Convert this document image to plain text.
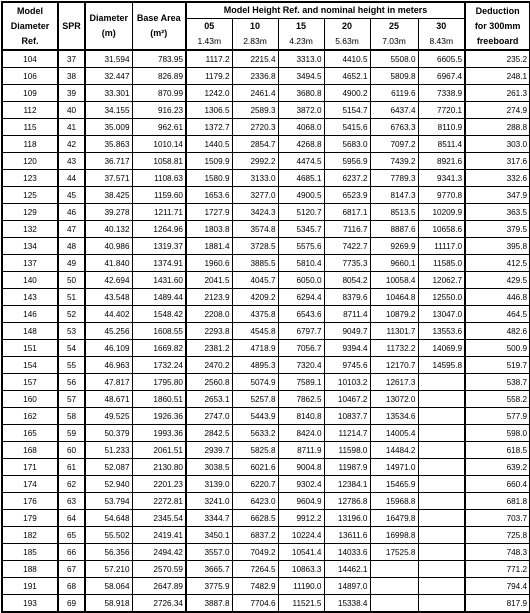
Model
Diameter
Ref.	SPR	Diameter
(m)	Base Area
(m²)	Model Height Ref. and nominal height in meters						Deduction
for 300mm
freeboard

				05	10	15	20	25	30	
				1.43m	2.83m	4.23m	5.63m	7.03m	8.43m	
104	37	31.594	783.95	1117.2	2215.4	3313.0	4410.5	5508.0	6605.5	235.2
106	38	32.447	826.89	1179.2	2336.8	3494.5	4652.1	5809.8	6967.4	248.1
109	39	33.301	870.99	1242.0	2461.4	3680.8	4900.2	6119.6	7338.9	261.3
112	40	34.155	916.23	1306.5	2589.3	3872.0	5154.7	6437.4	7720.1	274.9
115	41	35.009	962.61	1372.7	2720.3	4068.0	5415.6	6763.3	8110.9	288.8
118	42	35.863	1010.14	1440.5	2854.7	4268.8	5683.0	7097.2	8511.4	303.0
120	43	36.717	1058.81	1509.9	2992.2	4474.5	5956.9	7439.2	8921.6	317.6
123	44	37.571	1108.63	1580.9	3133.0	4685.1	6237.2	7789.3	9341.3	332.6
125	45	38.425	1159.60	1653.6	3277.0	4900.5	6523.9	8147.3	9770.8	347.9
129	46	39.278	1211.71	1727.9	3424.3	5120.7	6817.1	8513.5	10209.9	363.5
132	47	40.132	1264.96	1803.8	3574.8	5345.7	7116.7	8887.6	10658.6	379.5
134	48	40.986	1319.37	1881.4	3728.5	5575.6	7422.7	9269.9	11117.0	395.8
137	49	41.840	1374.91	1960.6	3885.5	5810.4	7735.3	9660.1	11585.0	412.5
140	50	42.694	1431.60	2041.5	4045.7	6050.0	8054.2	10058.4	12062.7	429.5
143	51	43.548	1489.44	2123.9	4209.2	6294.4	8379.6	10464.8	12550.0	446.8
146	52	44.402	1548.42	2208.0	4375.8	6543.6	8711.4	10879.2	13047.0	464.5
148	53	45.256	1608.55	2293.8	4545.8	6797.7	9049.7	11301.7	13553.6	482.6
151	54	46.109	1669.82	2381.2	4718.9	7056.7	9394.4	11732.2	14069.9	500.9
154	55	46.963	1732.24	2470.2	4895.3	7320.4	9745.6	12170.7	14595.8	519.7
157	56	47.817	1795.80	2560.8	5074.9	7589.1	10103.2	12617.3		538.7
160	57	48.671	1860.51	2653.1	5257.8	7862.5	10467.2	13072.0		558.2
162	58	49.525	1926.36	2747.0	5443.9	8140.8	10837.7	13534.6		577.9
165	59	50.379	1993.36	2842.5	5633.2	8424.0	11214.7	14005.4		598.0
168	60	51.233	2061.51	2939.7	5825.8	8711.9	11598.0	14484.2		618.5
171	61	52.087	2130.80	3038.5	6021.6	9004.8	11987.9	14971.0		639.2
174	62	52.940	2201.23	3139.0	6220.7	9302.4	12384.1	15465.9		660.4
176	63	53.794	2272.81	3241.0	6423.0	9604.9	12786.8	15968.8		681.8
179	64	54.648	2345.54	3344.7	6628.5	9912.2	13196.0	16479.8		703.7
182	65	55.502	2419.41	3450.1	6837.2	10224.4	13611.6	16998.8		725.8
185	66	56.356	2494.42	3557.0	7049.2	10541.4	14033.6	17525.8		748.3
188	67	57.210	2570.59	3665.7	7264.5	10863.3	14462.1			771.2
191	68	58.064	2647.89	3775.9	7482.9	11190.0	14897.0			794.4
193	69	58.918	2726.34	3887.8	7704.6	11521.5	15338.4			817.9
